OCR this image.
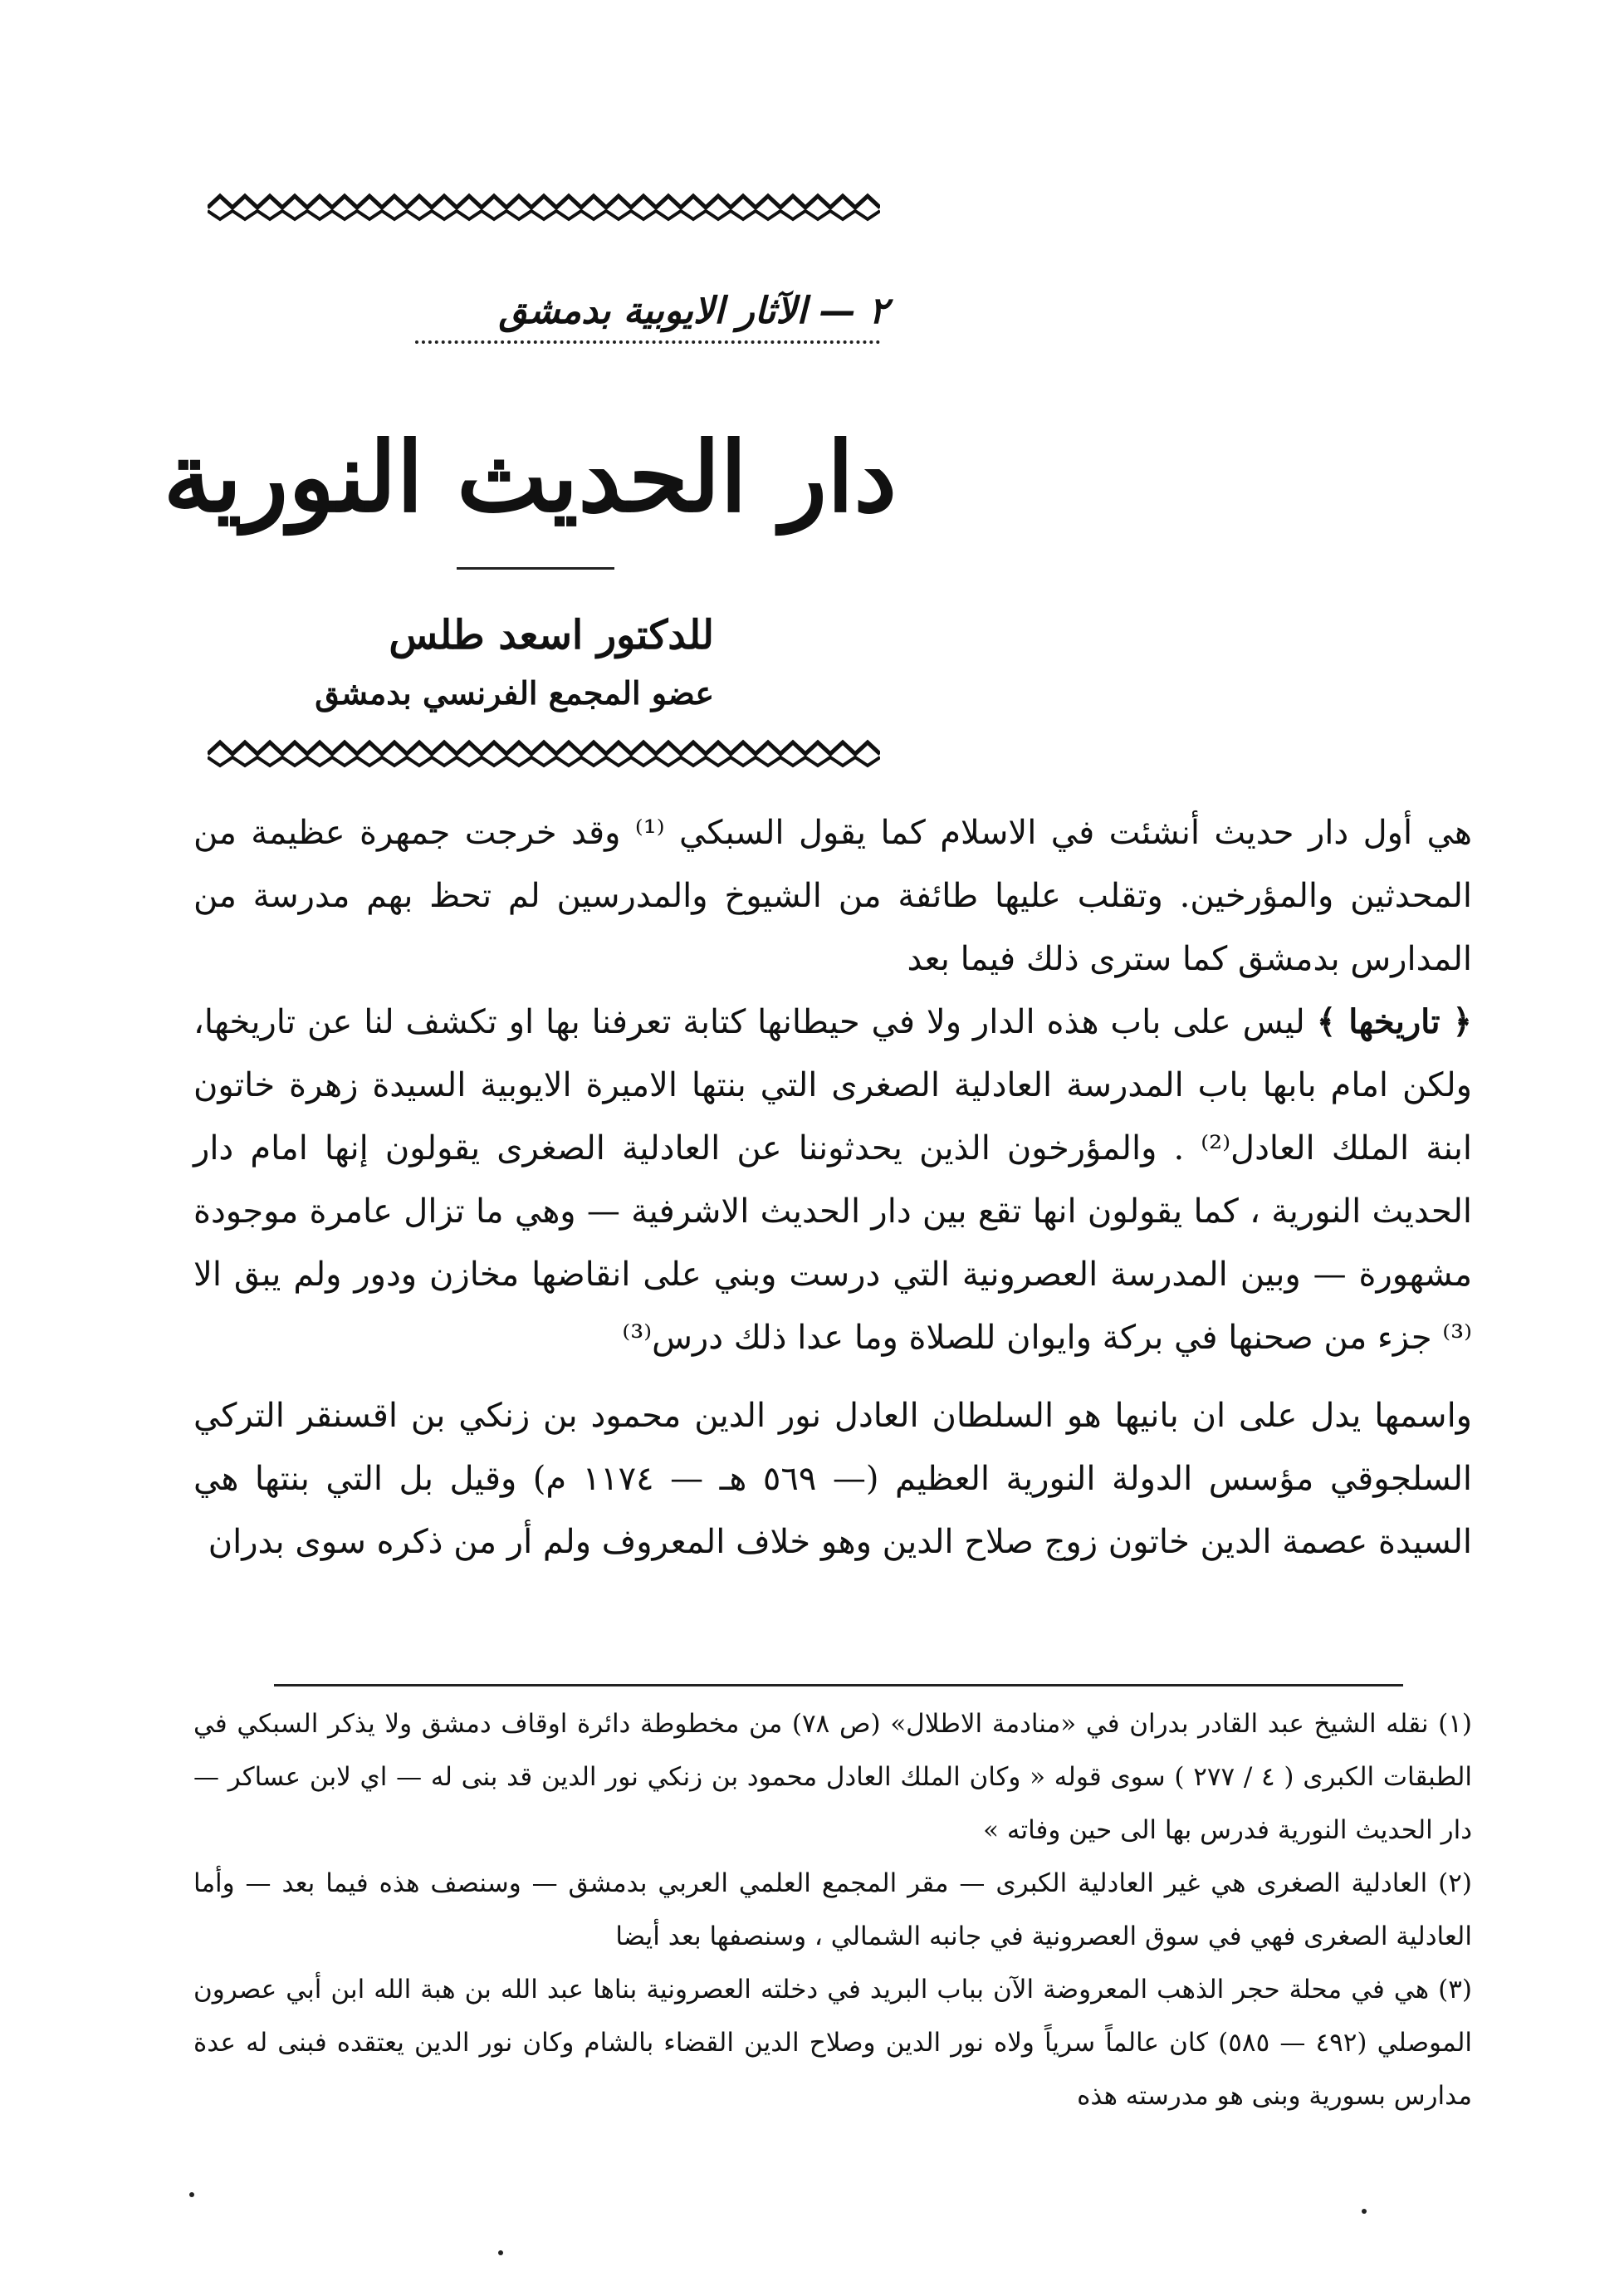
٢ — الآثار الايوبية بدمشق
دار الحديث النورية
للدكتور اسعد طلس
عضو المجمع الفرنسي بدمشق

هي أول دار حديث أنشئت في الاسلام كما يقول السبكي ⁽¹⁾ وقد خرجت جمهرة عظيمة من المحدثين والمؤرخين. وتقلب عليها طائفة من الشيوخ والمدرسين لم تحظ بهم مدرسة من المدارس بدمشق كما سترى ذلك فيما بعد

﴿ تاريخها ﴾ ليس على باب هذه الدار ولا في حيطانها كتابة تعرفنا بها او تكشف لنا عن تاريخها، ولكن امام بابها باب المدرسة العادلية الصغرى التي بنتها الاميرة الايوبية السيدة زهرة خاتون ابنة الملك العادل⁽²⁾ . والمؤرخون الذين يحدثوننا عن العادلية الصغرى يقولون إنها امام دار الحديث النورية ، كما يقولون انها تقع بين دار الحديث الاشرفية — وهي ما تزال عامرة موجودة مشهورة — وبين المدرسة العصرونية التي درست وبني على انقاضها مخازن ودور ولم يبق الا ⁽³⁾ جزء من صحنها في بركة وايوان للصلاة وما عدا ذلك درس⁽³⁾

واسمها يدل على ان بانيها هو السلطان العادل نور الدين محمود بن زنكي بن اقسنقر التركي السلجوقي مؤسس الدولة النورية العظيم (— ٥٦٩ هـ — ١١٧٤ م) وقيل بل التي بنتها هي السيدة عصمة الدين خاتون زوج صلاح الدين وهو خلاف المعروف ولم أر من ذكره سوى بدران

(١) نقله الشيخ عبد القادر بدران في «منادمة الاطلال» (ص ٧٨) من مخطوطة دائرة اوقاف دمشق ولا يذكر السبكي في الطبقات الكبرى ( ٤ / ٢٧٧ ) سوى قوله « وكان الملك العادل محمود بن زنكي نور الدين قد بنى له — اي لابن عساكر — دار الحديث النورية فدرس بها الى حين وفاته »

(٢) العادلية الصغرى هي غير العادلية الكبرى — مقر المجمع العلمي العربي بدمشق — وسنصف هذه فيما بعد — وأما العادلية الصغرى فهي في سوق العصرونية في جانبه الشمالي ، وسنصفها بعد أيضا

(٣) هي في محلة حجر الذهب المعروضة الآن بباب البريد في دخلته العصرونية بناها عبد الله بن هبة الله ابن أبي عصرون الموصلي (٤٩٢ — ٥٨٥) كان عالماً سرياً ولاه نور الدين وصلاح الدين القضاء بالشام وكان نور الدين يعتقده فبنى له عدة مدارس بسورية وبنى هو مدرسته هذه
